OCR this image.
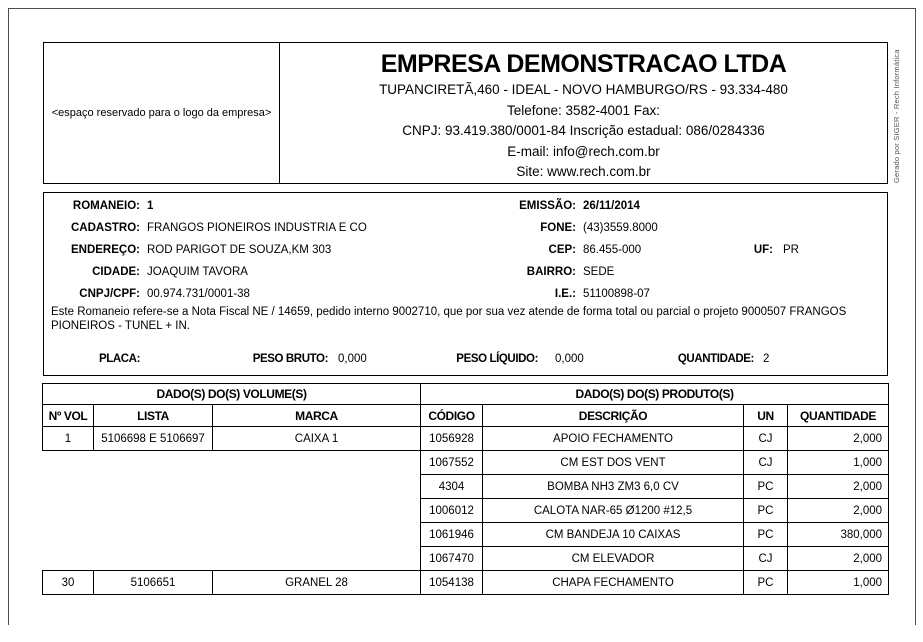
<espaço reservado para o logo da empresa>
EMPRESA DEMONSTRACAO LTDA
TUPANCIRETÃ,460 - IDEAL - NOVO HAMBURGO/RS - 93.334-480
Telefone: 3582-4001 Fax:
CNPJ: 93.419.380/0001-84 Inscrição estadual: 086/0284336
E-mail: info@rech.com.br
Site: www.rech.com.br
ROMANEIO: 1
CADASTRO: FRANGOS PIONEIROS INDUSTRIA E CO
ENDEREÇO: ROD PARIGOT DE SOUZA,KM 303
CIDADE: JOAQUIM TAVORA
CNPJ/CPF: 00.974.731/0001-38
EMISSÃO: 26/11/2014
FONE: (43)3559.8000
CEP: 86.455-000	UF: PR
BAIRRO: SEDE
I.E.: 51100898-07
Este Romaneio refere-se a Nota Fiscal NE / 14659, pedido interno 9002710, que por sua vez atende de forma total ou parcial o projeto 9000507 FRANGOS PIONEIROS - TUNEL + IN.
PLACA:	PESO BRUTO: 0,000	PESO LÍQUIDO: 0,000	QUANTIDADE: 2
DADO(S) DO(S) VOLUME(S)			DADO(S) DO(S) PRODUTO(S)			
Nº VOL	LISTA	MARCA	CÓDIGO	DESCRIÇÃO	UN	QUANTIDADE
1	5106698 E 5106697	CAIXA 1	1056928	APOIO FECHAMENTO	CJ	2,000
			1067552	CM EST DOS VENT	CJ	1,000
			4304	BOMBA NH3 ZM3 6,0 CV	PC	2,000
			1006012	CALOTA NAR-65 Ø1200 #12,5	PC	2,000
			1061946	CM BANDEJA 10 CAIXAS	PC	380,000
			1067470	CM ELEVADOR	CJ	2,000
30	5106651	GRANEL 28	1054138	CHAPA FECHAMENTO	PC	1,000
Gerado por SIGER - Rech Informática
